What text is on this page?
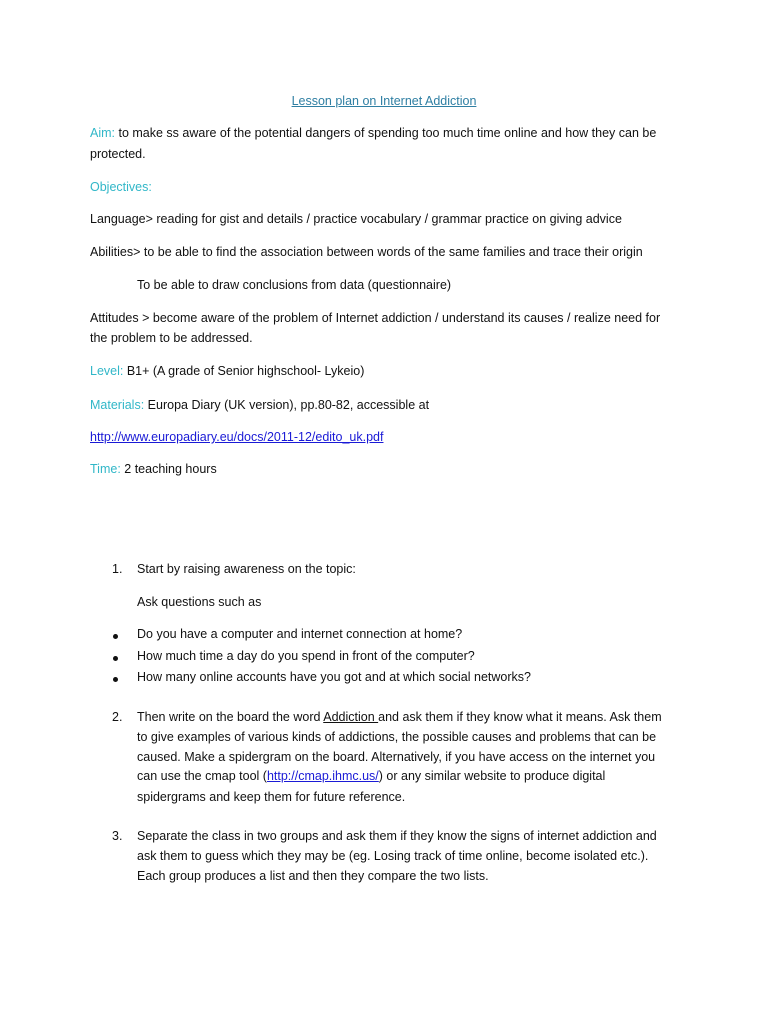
Lesson plan on Internet Addiction
Aim: to make ss aware of the potential dangers of spending too much time online and how they can be
protected.
Objectives:
Language> reading for gist and details / practice vocabulary / grammar practice on giving advice
Abilities> to be able to find the association between words of the same families and trace their origin
To be able to draw conclusions from data (questionnaire)
Attitudes > become aware of the problem of Internet addiction / understand its causes / realize need for
the problem to be addressed.
Level: B1+ (A grade of Senior highschool- Lykeio)
Materials: Europa Diary (UK version), pp.80-82, accessible at
http://www.europadiary.eu/docs/2011-12/edito_uk.pdf
Time: 2 teaching hours
1. Start by raising awareness on the topic:
Ask questions such as
Do you have a computer and internet connection at home?
How much time a day do you spend in front of the computer?
How many online accounts have you got and at which social networks?
2. Then write on the board the word Addiction and ask them if they know what it means. Ask them
to give examples of various kinds of addictions, the possible causes and problems that can be
caused. Make a spidergram on the board. Alternatively, if you have access on the internet you
can use the cmap tool (http://cmap.ihmc.us/) or any similar website to produce digital
spidergrams and keep them for future reference.
3. Separate the class in two groups and ask them if they know the signs of internet addiction and
ask them to guess which they may be (eg. Losing track of time online, become isolated etc.).
Each group produces a list and then they compare the two lists.
